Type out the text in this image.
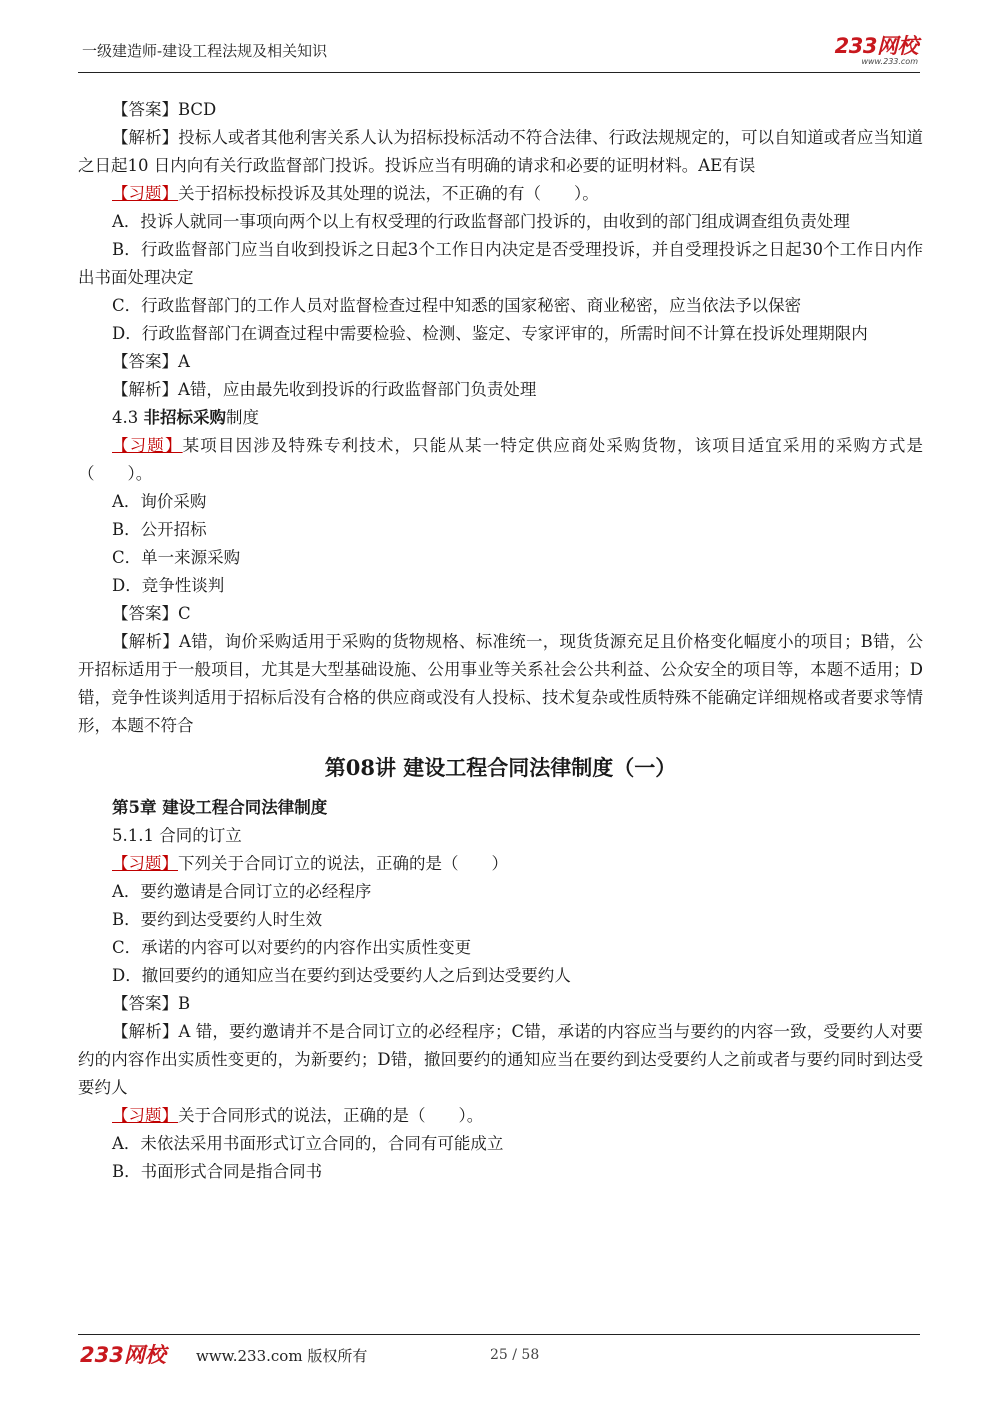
一级建造师-建设工程法规及相关知识	233网校
www.233.com
【答案】BCD
【解析】投标人或者其他利害关系人认为招标投标活动不符合法律、行政法规规定的，可以自知道或者应当知道之日起10 日内向有关行政监督部门投诉。投诉应当有明确的请求和必要的证明材料。AE有误
【习题】关于招标投标投诉及其处理的说法，不正确的有（　　）。
A．投诉人就同一事项向两个以上有权受理的行政监督部门投诉的，由收到的部门组成调查组负责处理
B．行政监督部门应当自收到投诉之日起3个工作日内决定是否受理投诉，并自受理投诉之日起30个工作日内作出书面处理决定
C．行政监督部门的工作人员对监督检查过程中知悉的国家秘密、商业秘密，应当依法予以保密
D．行政监督部门在调查过程中需要检验、检测、鉴定、专家评审的，所需时间不计算在投诉处理期限内
【答案】A
【解析】A错，应由最先收到投诉的行政监督部门负责处理
4.3 非招标采购制度
【习题】某项目因涉及特殊专利技术，只能从某一特定供应商处采购货物，该项目适宜采用的采购方式是（　　）。
A．询价采购
B．公开招标
C．单一来源采购
D．竞争性谈判
【答案】C
【解析】A错，询价采购适用于采购的货物规格、标准统一，现货货源充足且价格变化幅度小的项目；B错，公开招标适用于一般项目，尤其是大型基础设施、公用事业等关系社会公共利益、公众安全的项目等，本题不适用；D错，竞争性谈判适用于招标后没有合格的供应商或没有人投标、技术复杂或性质特殊不能确定详细规格或者要求等情形，本题不符合
第08讲 建设工程合同法律制度（一）
第5章 建设工程合同法律制度
5.1.1 合同的订立
【习题】下列关于合同订立的说法，正确的是（　　）
A．要约邀请是合同订立的必经程序
B．要约到达受要约人时生效
C．承诺的内容可以对要约的内容作出实质性变更
D．撤回要约的通知应当在要约到达受要约人之后到达受要约人
【答案】B
【解析】A 错，要约邀请并不是合同订立的必经程序；C错，承诺的内容应当与要约的内容一致，受要约人对要约的内容作出实质性变更的，为新要约；D错，撤回要约的通知应当在要约到达受要约人之前或者与要约同时到达受要约人
【习题】关于合同形式的说法，正确的是（　　）。
A．未依法采用书面形式订立合同的，合同有可能成立
B．书面形式合同是指合同书
233网校 www.233.com 版权所有	25 / 58
